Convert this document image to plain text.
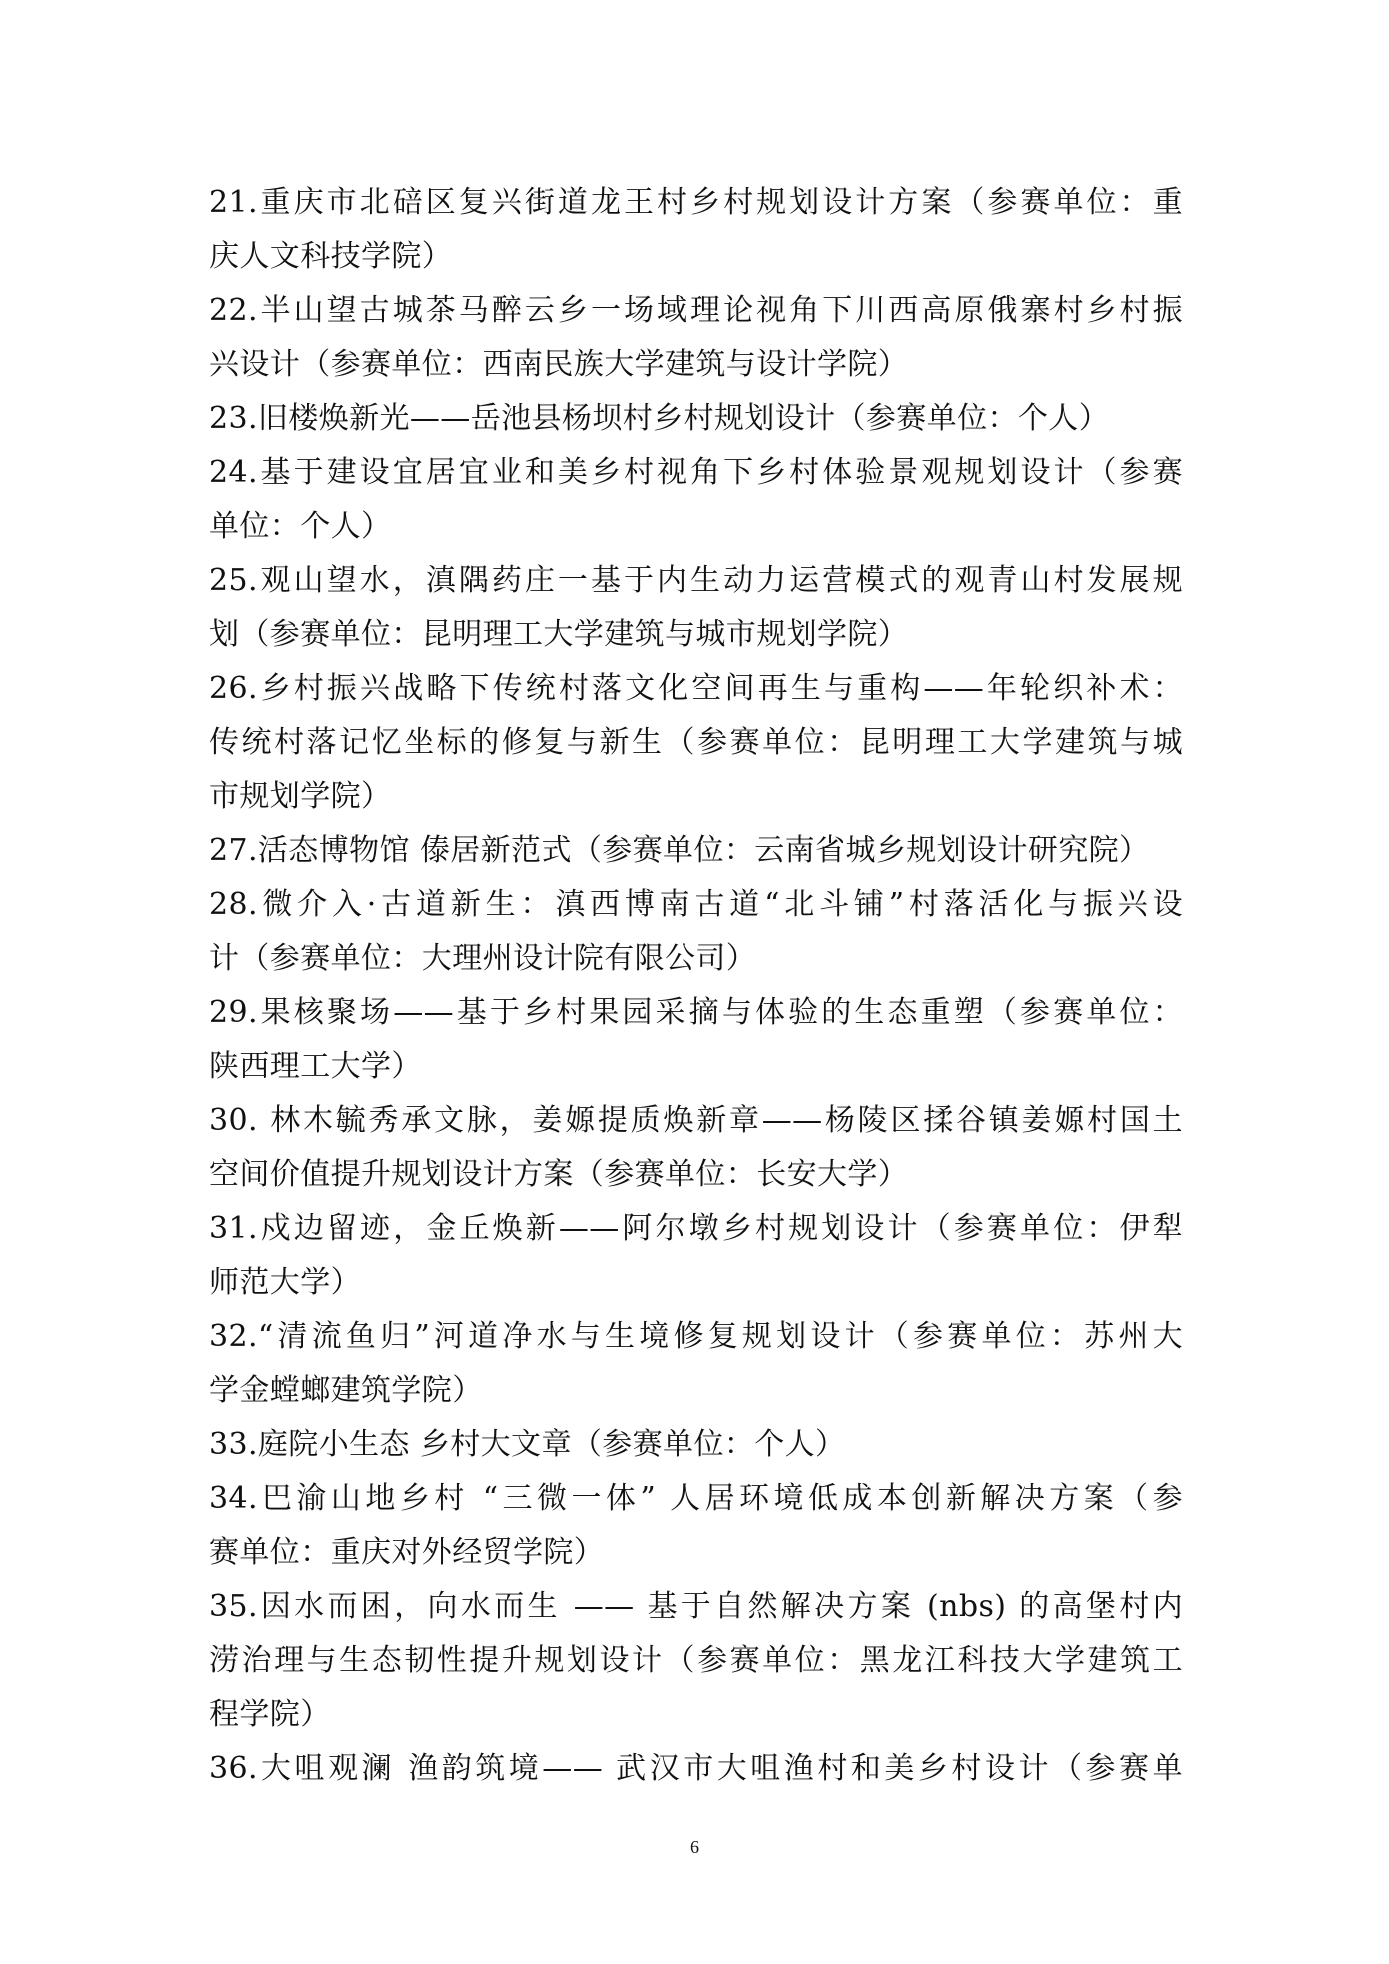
21.重庆市北碚区复兴街道龙王村乡村规划设计方案（参赛单位：重
庆人文科技学院）
22.半山望古城茶马醉云乡一场域理论视角下川西高原俄寨村乡村振
兴设计（参赛单位：西南民族大学建筑与设计学院）
23.旧楼焕新光——岳池县杨坝村乡村规划设计（参赛单位：个人）
24.基于建设宜居宜业和美乡村视角下乡村体验景观规划设计（参赛
单位：个人）
25.观山望水，滇隅药庄一基于内生动力运营模式的观青山村发展规
划（参赛单位：昆明理工大学建筑与城市规划学院）
26.乡村振兴战略下传统村落文化空间再生与重构——年轮织补术：
传统村落记忆坐标的修复与新生（参赛单位：昆明理工大学建筑与城
市规划学院）
27.活态博物馆 傣居新范式（参赛单位：云南省城乡规划设计研究院）
28.微介入·古道新生：滇西博南古道“北斗铺”村落活化与振兴设
计（参赛单位：大理州设计院有限公司）
29.果核聚场——基于乡村果园采摘与体验的生态重塑（参赛单位：
陕西理工大学）
30. 林木毓秀承文脉，姜嫄提质焕新章——杨陵区揉谷镇姜嫄村国土
空间价值提升规划设计方案（参赛单位：长安大学）
31.戍边留迹，金丘焕新——阿尔墩乡村规划设计（参赛单位：伊犁
师范大学）
32.“清流鱼归”河道净水与生境修复规划设计（参赛单位：苏州大
学金螳螂建筑学院）
33.庭院小生态 乡村大文章（参赛单位：个人）
34.巴渝山地乡村 “三微一体” 人居环境低成本创新解决方案（参
赛单位：重庆对外经贸学院）
35.因水而困，向水而生 —— 基于自然解决方案 (nbs) 的高堡村内
涝治理与生态韧性提升规划设计（参赛单位：黑龙江科技大学建筑工
程学院）
36.大咀观澜 渔韵筑境—— 武汉市大咀渔村和美乡村设计（参赛单
6
